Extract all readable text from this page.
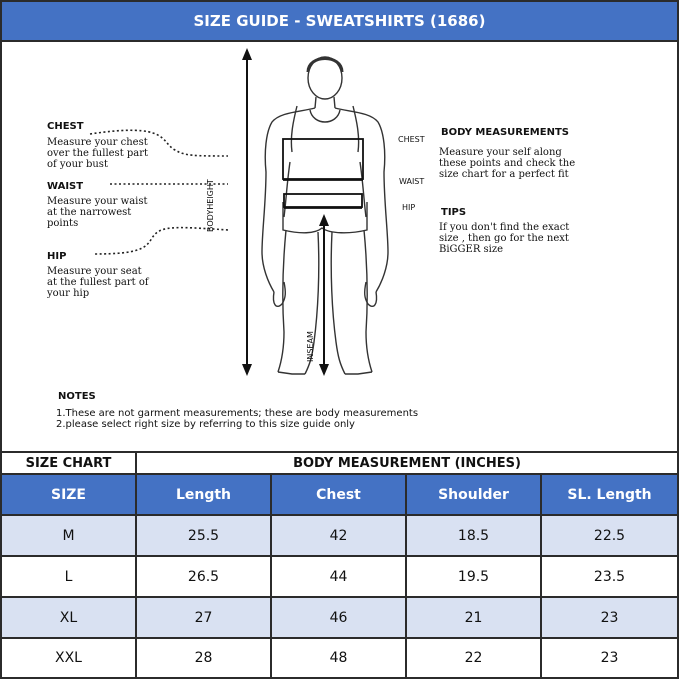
SIZE GUIDE - SWEATSHIRTS (1686)
CHEST
Measure your chest
over the fullest part
of your bust
WAIST
Measure your waist
at the narrowest
points
HIP
Measure your seat
at the fullest part of
your hip
BODYHEIGHT
INSEAM
CHEST
WAIST
HIP
BODY MEASUREMENTS
Measure your self along
these points and check the
size chart for a perfect fit
TIPS
If you don't find the exact
size , then go for the next
BiGGER size
NOTES
1.These are not garment measurements; these are body measurements
2.please select right size by referring to this size guide only
SIZE CHART	BODY MEASUREMENT (INCHES)
SIZE	Length	Chest	Shoulder	SL. Length
M	25.5	42	18.5	22.5
L	26.5	44	19.5	23.5
XL	27	46	21	23
XXL	28	48	22	23
